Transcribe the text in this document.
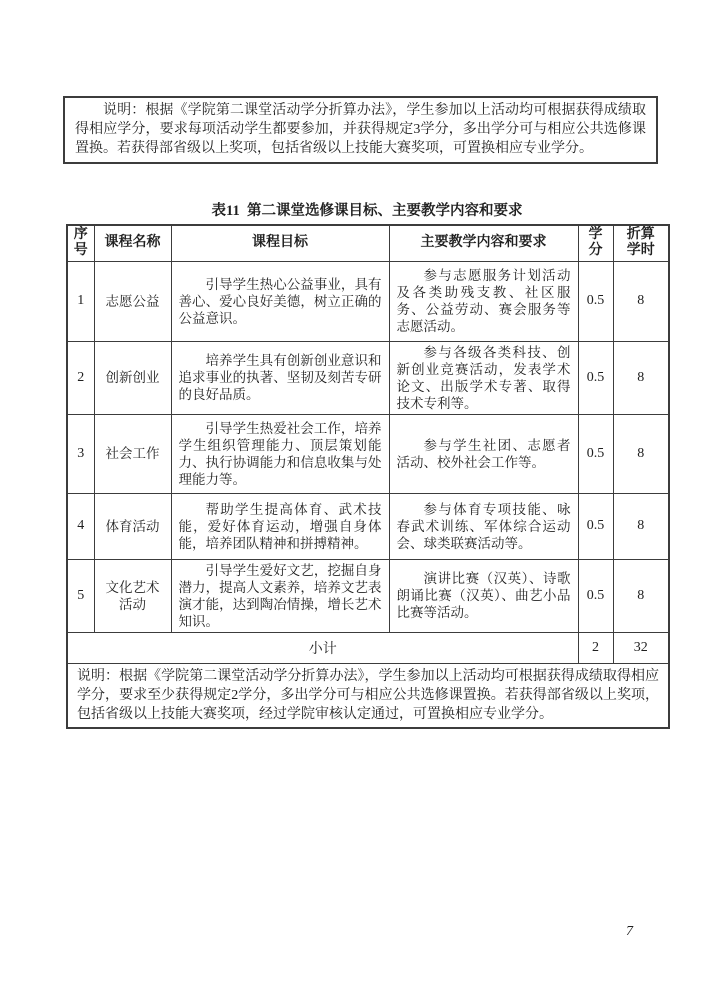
说明：根据《学院第二课堂活动学分折算办法》，学生参加以上活动均可根据获得成绩取得相应学分，要求每项活动学生都要参加，并获得规定3学分，多出学分可与相应公共选修课置换。若获得部省级以上奖项，包括省级以上技能大赛奖项，可置换相应专业学分。

表11  第二课堂选修课目标、主要教学内容和要求
序号	课程名称	课程目标	主要教学内容和要求	学分	折算学时
1	志愿公益	引导学生热心公益事业，具有善心、爱心良好美德，树立正确的公益意识。	参与志愿服务计划活动及各类助残支教、社区服务、公益劳动、赛会服务等志愿活动。	0.5	8
2	创新创业	培养学生具有创新创业意识和追求事业的执著、坚韧及刻苦专研的良好品质。	参与各级各类科技、创新创业竞赛活动，发表学术论文、出版学术专著、取得技术专利等。	0.5	8
3	社会工作	引导学生热爱社会工作，培养学生组织管理能力、顶层策划能力、执行协调能力和信息收集与处理能力等。	参与学生社团、志愿者活动、校外社会工作等。	0.5	8
4	体育活动	帮助学生提高体育、武术技能，爱好体育运动，增强自身体能，培养团队精神和拼搏精神。	参与体育专项技能、咏春武术训练、军体综合运动会、球类联赛活动等。	0.5	8
5	文化艺术活动	引导学生爱好文艺，挖掘自身潜力，提高人文素养，培养文艺表演才能，达到陶冶情操，增长艺术知识。	演讲比赛（汉英）、诗歌朗诵比赛（汉英）、曲艺小品比赛等活动。	0.5	8
小计				2	32

说明：根据《学院第二课堂活动学分折算办法》，学生参加以上活动均可根据获得成绩取得相应学分，要求至少获得规定2学分，多出学分可与相应公共选修课置换。若获得部省级以上奖项，包括省级以上技能大赛奖项，经过学院审核认定通过，可置换相应专业学分。					

7
